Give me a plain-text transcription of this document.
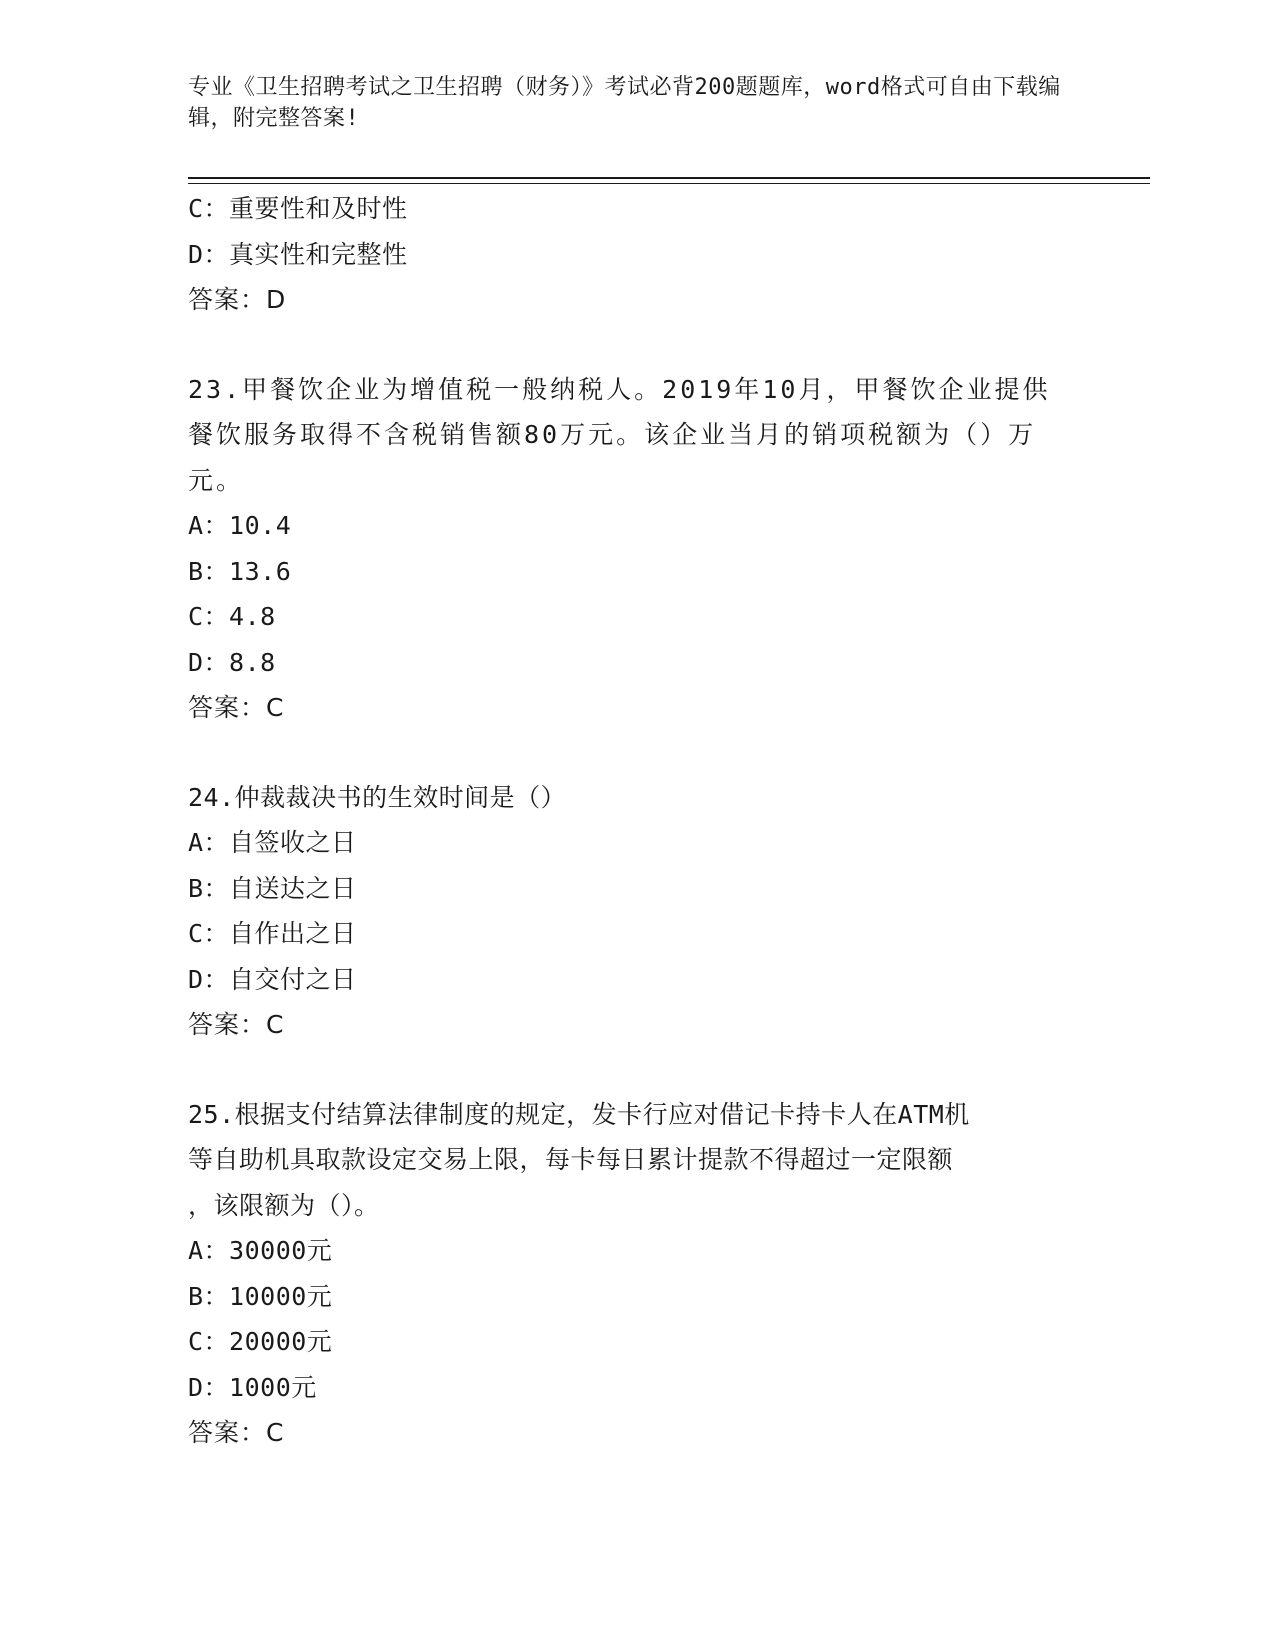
专业《卫生招聘考试之卫生招聘（财务）》考试必背200题题库，word格式可自由下载编辑，附完整答案!
C：重要性和及时性
D：真实性和完整性
答案：D
23.甲餐饮企业为增值税一般纳税人。2019年10月，甲餐饮企业提供餐饮服务取得不含税销售额80万元。该企业当月的销项税额为（）万元。
A：10.4
B：13.6
C：4.8
D：8.8
答案：C
24.仲裁裁决书的生效时间是（）
A：自签收之日
B：自送达之日
C：自作出之日
D：自交付之日
答案：C
25.根据支付结算法律制度的规定，发卡行应对借记卡持卡人在ATM机
等自助机具取款设定交易上限，每卡每日累计提款不得超过一定限额
，该限额为（）。
A：30000元
B：10000元
C：20000元
D：1000元
答案：C
